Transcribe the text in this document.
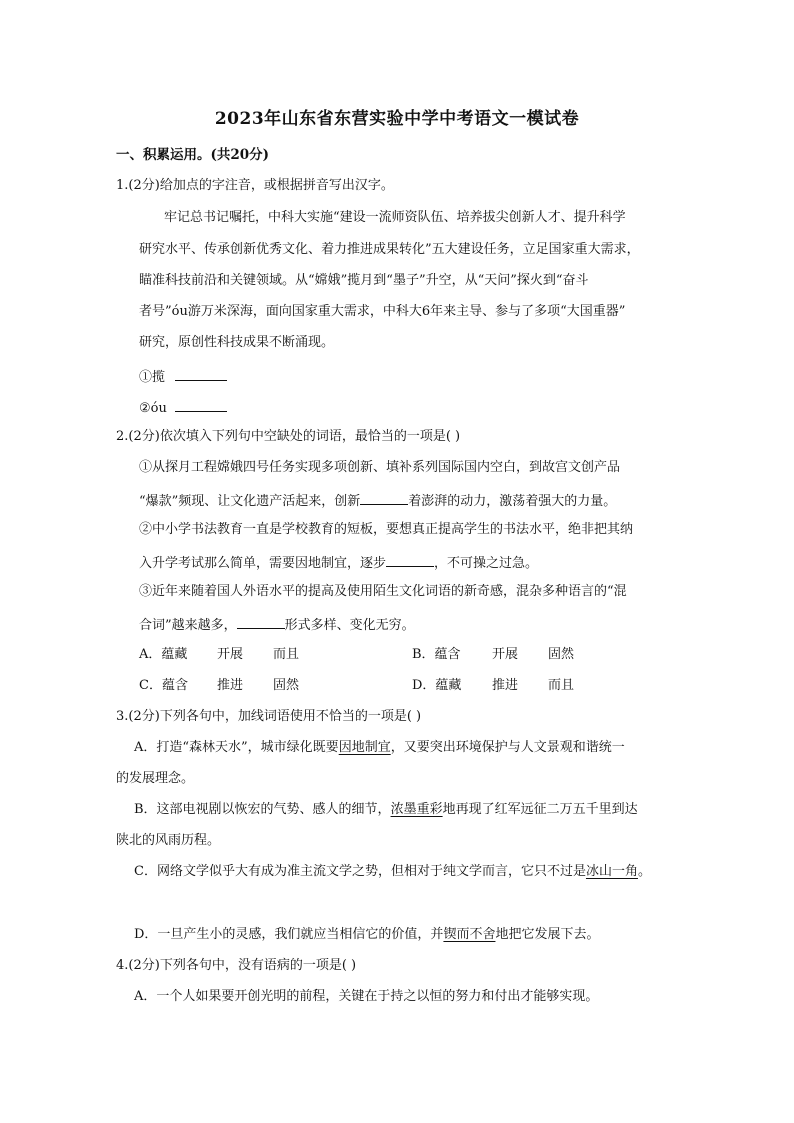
2023年山东省东营实验中学中考语文一模试卷
一、积累运用。(共20分)
1.(2分)给加点的字注音，或根据拼音写出汉字。
牢记总书记嘱托，中科大实施“建设一流师资队伍、培养拔尖创新人才、提升科学
研究水平、传承创新优秀文化、着力推进成果转化”五大建设任务，立足国家重大需求，
瞄准科技前沿和关键领域。从“嫦娥”揽月到“墨子”升空，从“天问”探火到“奋斗
者号”óu游万米深海，面向国家重大需求，中科大6年来主导、参与了多项“大国重器”
研究，原创性科技成果不断涌现。
①揽
②óu
2.(2分)依次填入下列句中空缺处的词语，最恰当的一项是( )
①从探月工程嫦娥四号任务实现多项创新、填补系列国际国内空白，到故宫文创产品
“爆款”频现、让文化遗产活起来，创新	着澎湃的动力，激荡着强大的力量。
②中小学书法教育一直是学校教育的短板，要想真正提高学生的书法水平，绝非把其纳
入升学考试那么简单，需要因地制宜，逐步	，不可操之过急。
③近年来随着国人外语水平的提高及使用陌生文化词语的新奇感，混杂多种语言的“混
合词”越来越多，	形式多样、变化无穷。
A．蕴藏 开展 而且	B．蕴含 开展 固然
C．蕴含 推进 固然	D．蕴藏 推进 而且
3.(2分)下列各句中，加线词语使用不恰当的一项是( )
A．打造“森林天水”，城市绿化既要因地制宜，又要突出环境保护与人文景观和谐统一
的发展理念。
B．这部电视剧以恢宏的气势、感人的细节，浓墨重彩地再现了红军远征二万五千里到达
陕北的风雨历程。
C．网络文学似乎大有成为准主流文学之势，但相对于纯文学而言，它只不过是冰山一角。
D．一旦产生小的灵感，我们就应当相信它的价值，并锲而不舍地把它发展下去。
4.(2分)下列各句中，没有语病的一项是( )
A．一个人如果要开创光明的前程，关键在于持之以恒的努力和付出才能够实现。
